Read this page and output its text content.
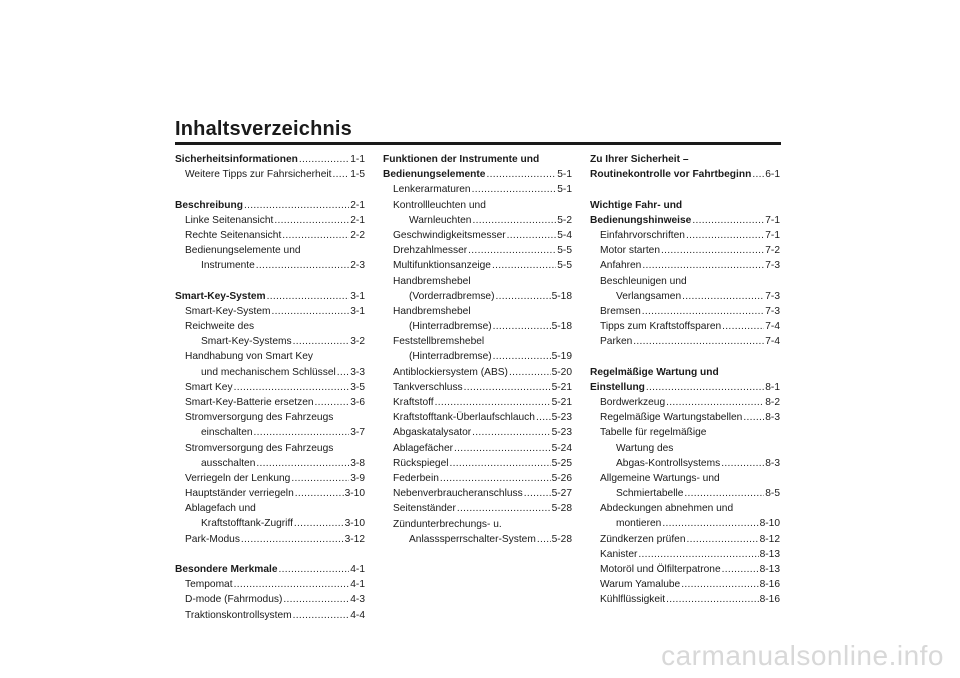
Inhaltsverzeichnis
Sicherheitsinformationen .....	1-1
Weitere Tipps zur Fahrsicherheit ..... 1-5
Beschreibung .....	2-1
Linke Seitenansicht .....	2-1
Rechte Seitenansicht .....	2-2
Bedienungselemente und
Instrumente .....	2-3
Smart-Key-System .....	3-1
Smart-Key-System .....	3-1
Reichweite des
Smart-Key-Systems .....	3-2
Handhabung von Smart Key
und mechanischem Schlüssel ..... 3-3
Smart Key .....	3-5
Smart-Key-Batterie ersetzen .....	3-6
Stromversorgung des Fahrzeugs
einschalten .....	3-7
Stromversorgung des Fahrzeugs
ausschalten .....	3-8
Verriegeln der Lenkung .....	3-9
Hauptständer verriegeln .....	3-10
Ablagefach und
Kraftstofftank-Zugriff .....	3-10
Park-Modus .....	3-12
Besondere Merkmale .....	4-1
Tempomat .....	4-1
D-mode (Fahrmodus) .....	4-3
Traktionskontrollsystem .....	4-4
Funktionen der Instrumente und
Bedienungselemente .....	5-1
Lenkerarmaturen .....	5-1
Kontrollleuchten und
Warnleuchten .....	5-2
Geschwindigkeitsmesser .....	5-4
Drehzahlmesser .....	5-5
Multifunktionsanzeige .....	5-5
Handbremshebel
(Vorderradbremse) .....	5-18
Handbremshebel
(Hinterradbremse) .....	5-18
Feststellbremshebel
(Hinterradbremse) .....	5-19
Antiblockiersystem (ABS) .....	5-20
Tankverschluss .....	5-21
Kraftstoff .....	5-21
Kraftstofftank-Überlaufschlauch ..... 5-23
Abgaskatalysator .....	5-23
Ablagefächer .....	5-24
Rückspiegel .....	5-25
Federbein .....	5-26
Nebenverbraucheranschluss .....	5-27
Seitenständer .....	5-28
Zündunterbrechungs- u.
Anlasssperrschalter-System ..... 5-28
Zu Ihrer Sicherheit –
Routinekontrolle vor Fahrtbeginn ..... 6-1
Wichtige Fahr- und
Bedienungshinweise .....	7-1
Einfahrvorschriften .....	7-1
Motor starten .....	7-2
Anfahren .....	7-3
Beschleunigen und
Verlangsamen .....	7-3
Bremsen .....	7-3
Tipps zum Kraftstoffsparen .....	7-4
Parken .....	7-4
Regelmäßige Wartung und
Einstellung .....	8-1
Bordwerkzeug .....	8-2
Regelmäßige Wartungstabellen ..... 8-3
Tabelle für regelmäßige
Wartung des
Abgas-Kontrollsystems .....	8-3
Allgemeine Wartungs- und
Schmiertabelle .....	8-5
Abdeckungen abnehmen und
montieren .....	8-10
Zündkerzen prüfen .....	8-12
Kanister .....	8-13
Motoröl und Ölfilterpatrone .....	8-13
Warum Yamalube .....	8-16
Kühlflüssigkeit .....	8-16
carmanualsonline.info
